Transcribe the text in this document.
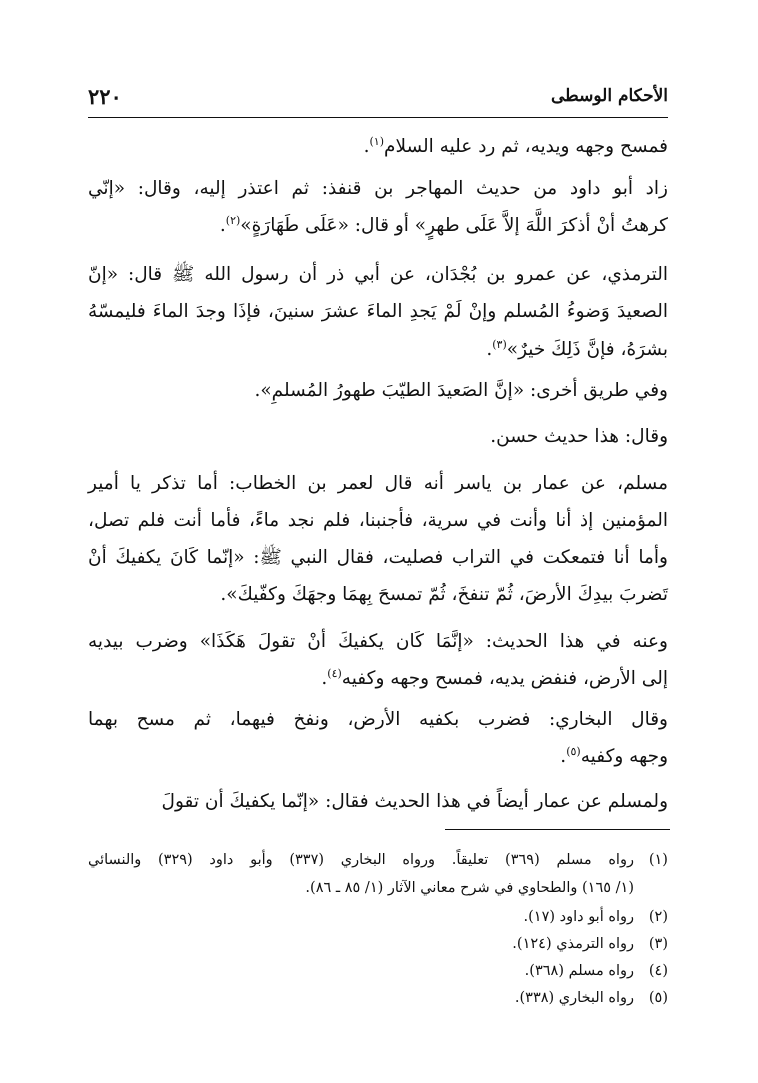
٢٢٠	الأحكام الوسطى
فمسح وجهه ويديه، ثم رد عليه السلام$^{(١)}$.
زاد أبو داود من حديث المهاجر بن قنفذ: ثم اعتذر إليه، وقال: «إنّي
كرهتُ أنْ أذكرَ اللَّهَ إلاَّ عَلَى طهرٍ» أو قال: «عَلَى طَهَارَةٍ»$^{(٢)}$.
الترمذي، عن عمرو بن بُجْدَان، عن أبي ذر أن رسول الله ﷺ قال: «إنّ
الصعيدَ وَضوءُ المُسلم وإنْ لَمْ يَجدِ الماءَ عشرَ سنينَ، فإذَا وجدَ الماءَ فليمسّهُ
بشرَهُ، فإنَّ ذَلِكَ خيرٌ»$^{(٣)}$.
وفي طريق أخرى: «إنَّ الصَعيدَ الطيّبَ طهورُ المُسلمِ».
وقال: هذا حديث حسن.
مسلم، عن عمار بن ياسر أنه قال لعمر بن الخطاب: أما تذكر يا أمير
المؤمنين إذ أنا وأنت في سرية، فأجنبنا، فلم نجد ماءً، فأما أنت فلم تصل،
وأما أنا فتمعكت في التراب فصليت، فقال النبي ﷺ: «إنّما كَانَ يكفيكَ أنْ
تَضربَ بيدِكَ الأرضَ، ثُمّ تنفخَ، ثُمّ تمسحَ بِهمَا وجهَكَ وكفّيكَ».
وعنه في هذا الحديث: «إنَّمَا كَان يكفيكَ أنْ تقولَ هَكَذَا» وضرب بيديه
إلى الأرض، فنفض يديه، فمسح وجهه وكفيه$^{(٤)}$.
وقال البخاري: فضرب بكفيه الأرض، ونفخ فيهما، ثم مسح بهما
وجهه وكفيه$^{(٥)}$.
ولمسلم عن عمار أيضاً في هذا الحديث فقال: «إنّما يكفيكَ أن تقولَ
(١)رواه مسلم (٣٦٩) تعليقاً. ورواه البخاري (٣٣٧) وأبو داود (٣٢٩) والنسائي
(١/ ١٦٥) والطحاوي في شرح معاني الآثار (١/ ٨٥ ـ ٨٦).
(٢)رواه أبو داود (١٧).
(٣)رواه الترمذي (١٢٤).
(٤)رواه مسلم (٣٦٨).
(٥)رواه البخاري (٣٣٨).
